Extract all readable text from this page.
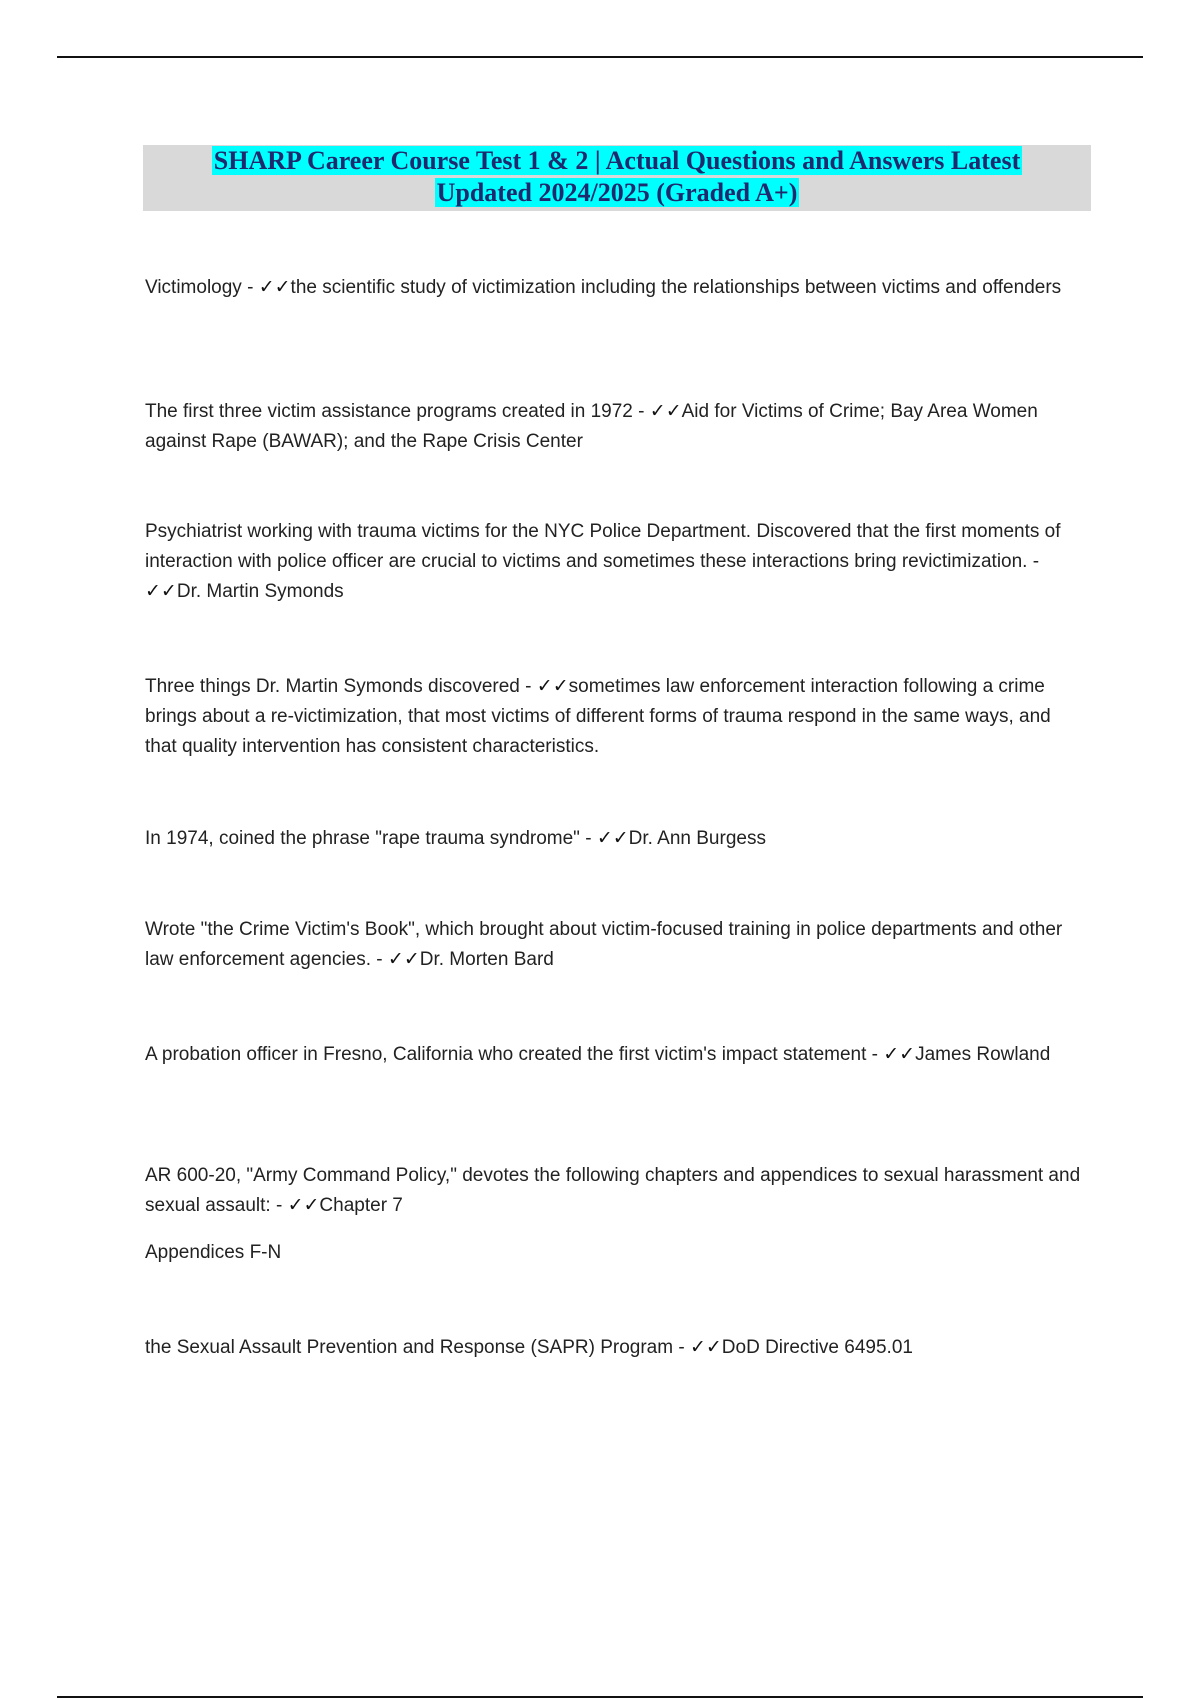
SHARP Career Course Test 1 & 2 | Actual Questions and Answers Latest
Updated 2024/2025 (Graded A+)

Victimology - ✓✓the scientific study of victimization including the relationships between victims and offenders

The first three victim assistance programs created in 1972 - ✓✓Aid for Victims of Crime; Bay Area Women against Rape (BAWAR); and the Rape Crisis Center

Psychiatrist working with trauma victims for the NYC Police Department. Discovered that the first moments of interaction with police officer are crucial to victims and sometimes these interactions bring revictimization. - ✓✓Dr. Martin Symonds

Three things Dr. Martin Symonds discovered - ✓✓sometimes law enforcement interaction following a crime brings about a re-victimization, that most victims of different forms of trauma respond in the same ways, and that quality intervention has consistent characteristics.

In 1974, coined the phrase "rape trauma syndrome" - ✓✓Dr. Ann Burgess

Wrote "the Crime Victim's Book", which brought about victim-focused training in police departments and other law enforcement agencies. - ✓✓Dr. Morten Bard

A probation officer in Fresno, California who created the first victim's impact statement - ✓✓James Rowland

AR 600-20, "Army Command Policy," devotes the following chapters and appendices to sexual harassment and sexual assault: - ✓✓Chapter 7

Appendices F-N

the Sexual Assault Prevention and Response (SAPR) Program - ✓✓DoD Directive 6495.01
